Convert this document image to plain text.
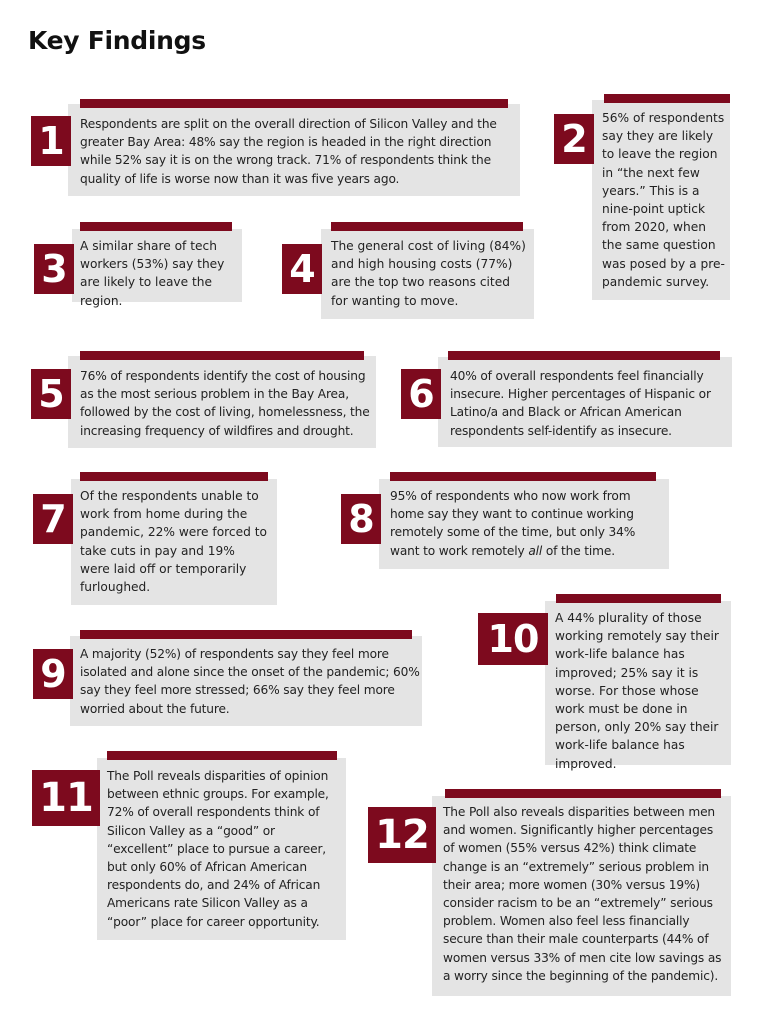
Key Findings
1	Respondents are split on the overall direction of Silicon Valley and the greater Bay Area: 48% say the region is headed in the right direction while 52% say it is on the wrong track. 71% of respondents think the quality of life is worse now than it was five years ago.

2	56% of respondents say they are likely to leave the region in “the next few years.” This is a nine-point uptick from 2020, when the same question was posed by a pre-pandemic survey.

3

A similar share of tech workers (53%) say they are likely to leave the region.

4

The general cost of living (84%) and high housing costs (77%) are the top two reasons cited for wanting to move.

5	76% of respondents identify the cost of housing as the most serious problem in the Bay Area, followed by the cost of living, homelessness, the increasing frequency of wildfires and drought.

6	40% of overall respondents feel financially insecure. Higher percentages of Hispanic or Latino/a and Black or African American respondents self-identify as insecure.

7

Of the respondents unable to work from home during the pandemic, 22% were forced to take cuts in pay and 19% were laid off or temporarily furloughed.

8

95% of respondents who now work from home say they want to continue working remotely some of the time, but only 34% want to work remotely all of the time.

9	A majority (52%) of respondents say they feel more isolated and alone since the onset of the pandemic; 60% say they feel more stressed; 66% say they feel more worried about the future.

10	A 44% plurality of those working remotely say their work-life balance has improved; 25% say it is worse. For those whose work must be done in person, only 20% say their work-life balance has improved.

11	The Poll reveals disparities of opinion between ethnic groups. For example, 72% of overall respondents think of Silicon Valley as a “good” or “excellent” place to pursue a career, but only 60% of African American respondents do, and 24% of African Americans rate Silicon Valley as a “poor” place for career opportunity.

12	The Poll also reveals disparities between men and women. Significantly higher percentages of women (55% versus 42%) think climate change is an “extremely” serious problem in their area; more women (30% versus 19%) consider racism to be an “extremely” serious problem. Women also feel less financially secure than their male counterparts (44% of women versus 33% of men cite low savings as a worry since the beginning of the pandemic).
